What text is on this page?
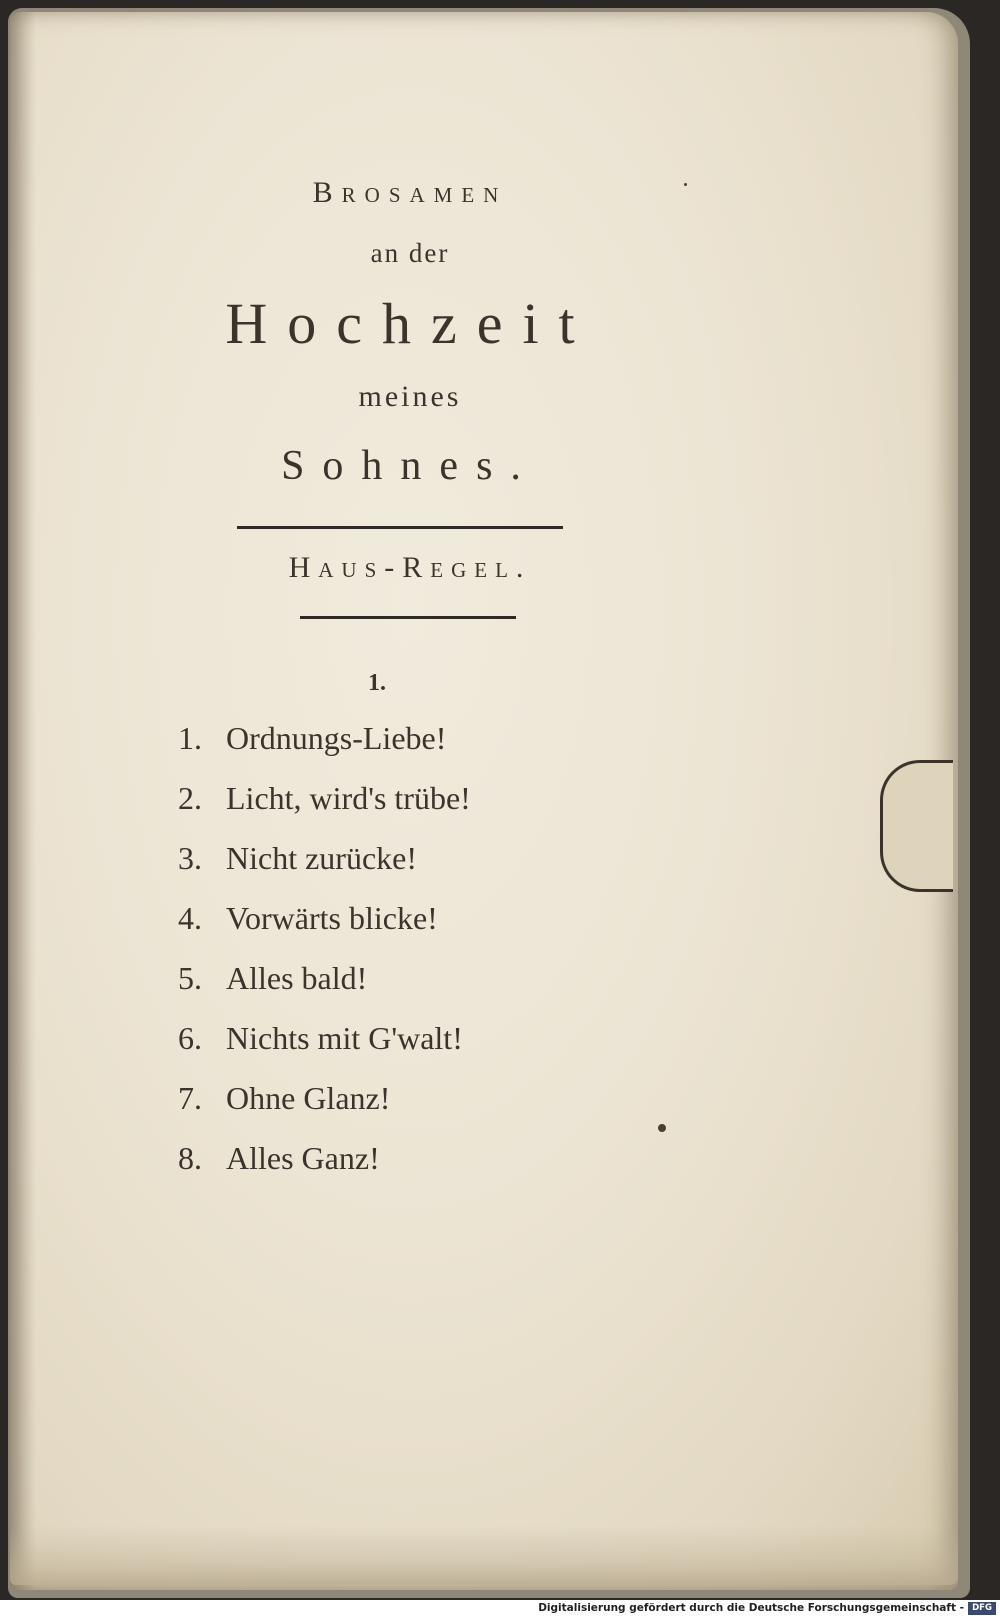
Brosamen
an der
Hochzeit
meines
Sohnes.
Haus-Regel.
1.
1. Ordnungs-Liebe!
2. Licht, wird's trübe!
3. Nicht zurücke!
4. Vorwärts blicke!
5. Alles bald!
6. Nichts mit G'walt!
7. Ohne Glanz!
8. Alles Ganz!
Digitalisierung gefördert durch die Deutsche Forschungsgemeinschaft - DFG
